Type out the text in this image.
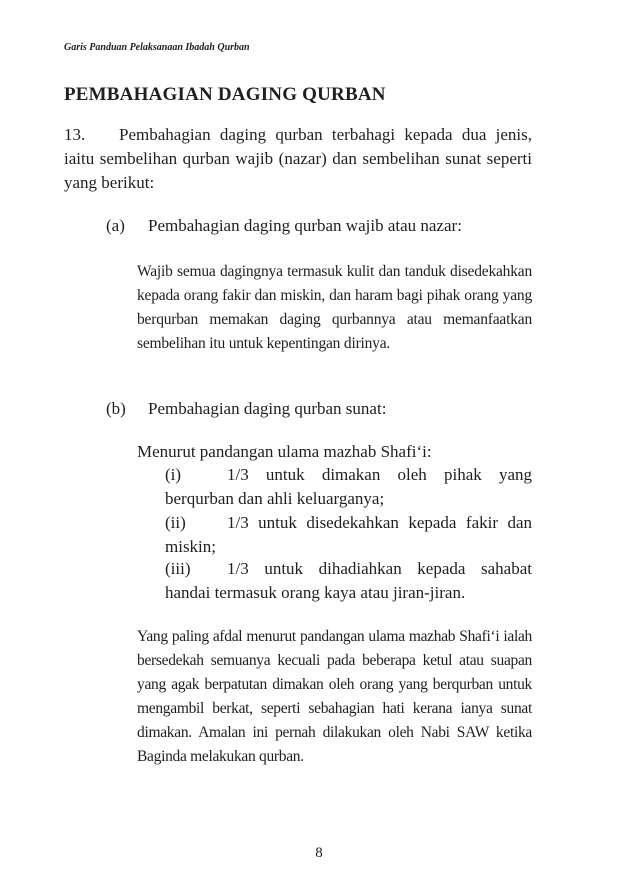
Garis Panduan Pelaksanaan Ibadah Qurban
PEMBAHAGIAN DAGING QURBAN
13. Pembahagian daging qurban terbahagi kepada dua jenis, iaitu sembelihan qurban wajib (nazar) dan sembelihan sunat seperti yang berikut:
(a) Pembahagian daging qurban wajib atau nazar:
Wajib semua dagingnya termasuk kulit dan tanduk disedekahkan kepada orang fakir dan miskin, dan haram bagi pihak orang yang berqurban memakan daging qurbannya atau memanfaatkan sembelihan itu untuk kepentingan dirinya.
(b) Pembahagian daging qurban sunat:
Menurut pandangan ulama mazhab Shafi‘i:
(i)	1/3 untuk dimakan oleh pihak yang berqurban dan ahli keluarganya;
(ii) 1/3 untuk disedekahkan kepada fakir dan miskin;
(iii) 1/3 untuk dihadiahkan kepada sahabat handai termasuk orang kaya atau jiran-jiran.
Yang paling afdal menurut pandangan ulama mazhab Shafi‘i ialah bersedekah semuanya kecuali pada beberapa ketul atau suapan yang agak berpatutan dimakan oleh orang yang berqurban untuk mengambil berkat, seperti sebahagian hati kerana ianya sunat dimakan. Amalan ini pernah dilakukan oleh Nabi SAW ketika Baginda melakukan qurban.
8
